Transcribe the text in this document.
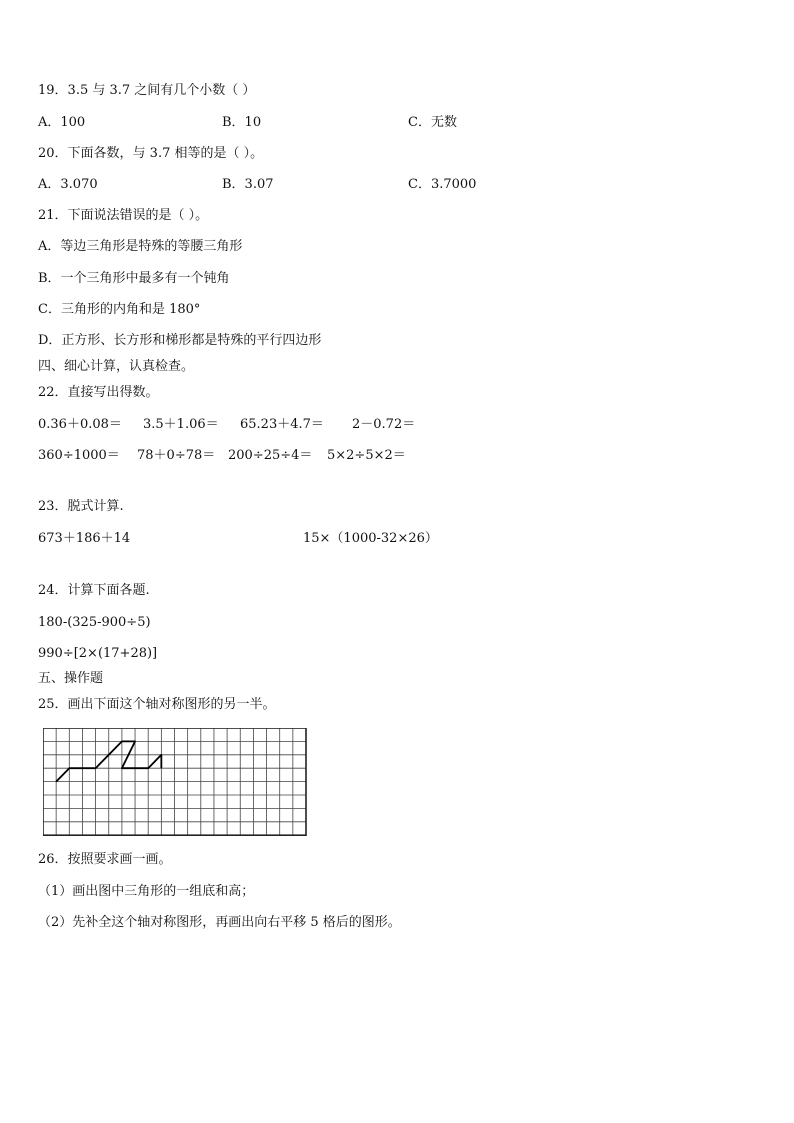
19．3.5 与 3.7 之间有几个小数（ ）
A．100	B．10	C．无数
20．下面各数，与 3.7 相等的是（ ）。
A．3.070	B．3.07	C．3.7000
21．下面说法错误的是（ ）。
A．等边三角形是特殊的等腰三角形
B．一个三角形中最多有一个钝角
C．三角形的内角和是 180°
D．正方形、长方形和梯形都是特殊的平行四边形
四、细心计算，认真检查。
22．直接写出得数。
0.36＋0.08＝ 3.5＋1.06＝ 65.23＋4.7＝ 2－0.72＝
360÷1000＝ 78＋0÷78＝ 200÷25÷4＝ 5×2÷5×2＝
23．脱式计算.
673＋186＋14	15×（1000-32×26）
24．计算下面各题.
180-(325-900÷5)
990÷[2×(17+28)]
五、操作题
25．画出下面这个轴对称图形的另一半。
26．按照要求画一画。
（1）画出图中三角形的一组底和高；
（2）先补全这个轴对称图形，再画出向右平移 5 格后的图形。
